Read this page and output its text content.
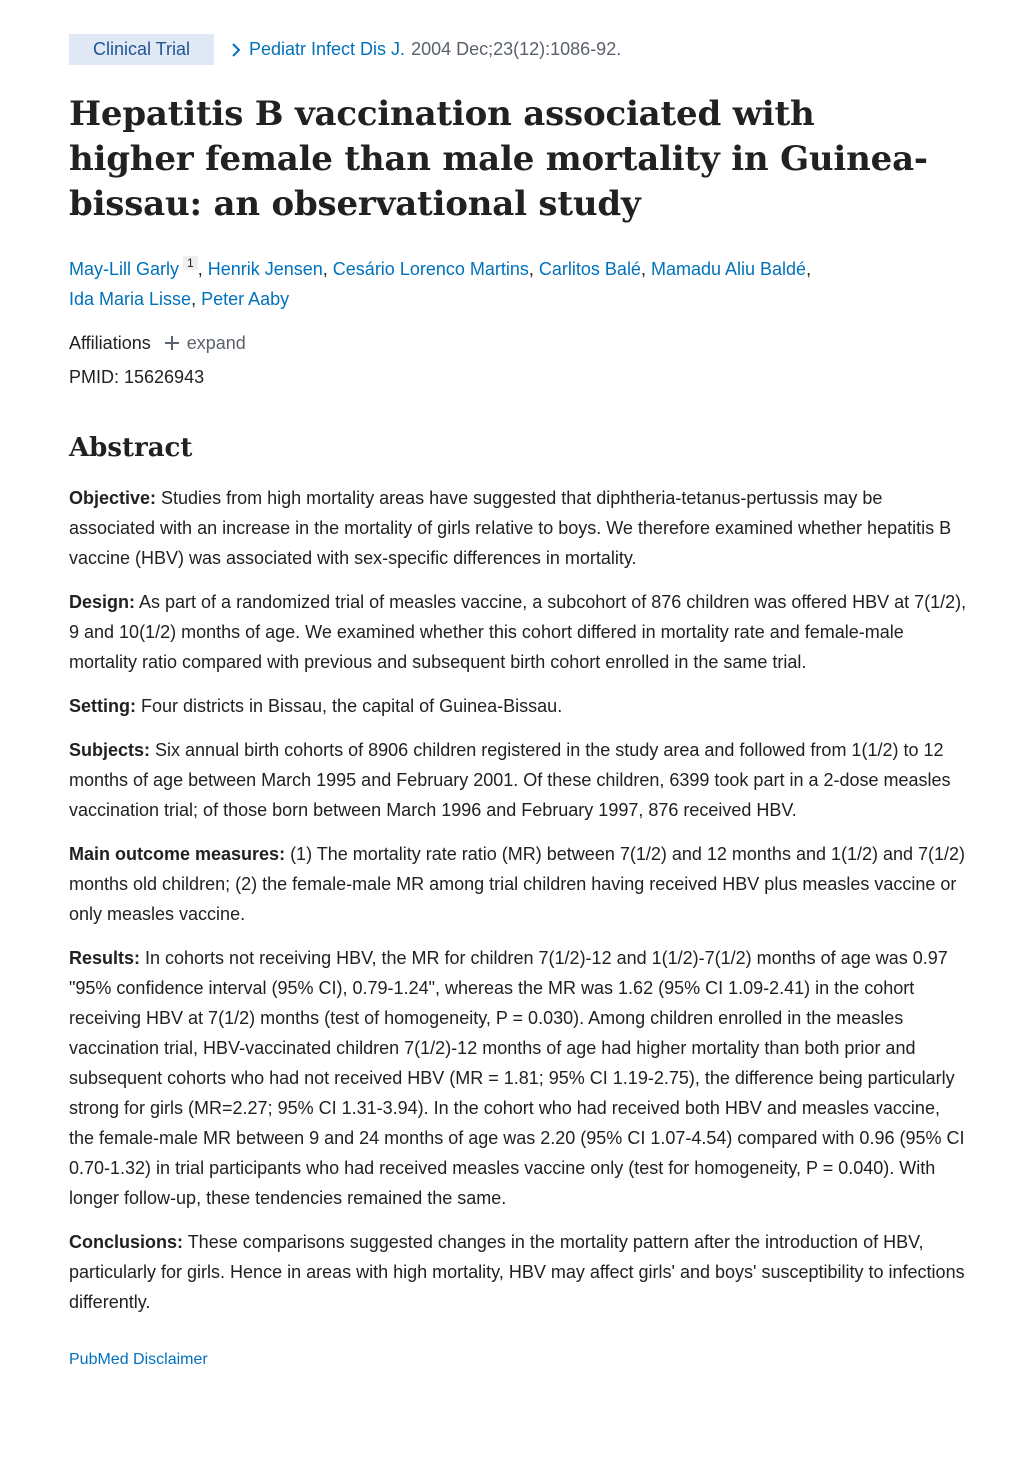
Clinical Trial	Pediatr Infect Dis J. 2004 Dec;23(12):1086-92.
Hepatitis B vaccination associated with higher female than male mortality in Guinea-bissau: an observational study
May-Lill Garly 1 , Henrik Jensen, Cesário Lorenco Martins, Carlitos Balé, Mamadu Aliu Baldé,
Ida Maria Lisse, Peter Aaby
Affiliations expand
PMID: 15626943
Abstract

Objective: Studies from high mortality areas have suggested that diphtheria-tetanus-pertussis may be associated with an increase in the mortality of girls relative to boys. We therefore examined whether hepatitis B vaccine (HBV) was associated with sex-specific differences in mortality.

Design: As part of a randomized trial of measles vaccine, a subcohort of 876 children was offered HBV at 7(1/2), 9 and 10(1/2) months of age. We examined whether this cohort differed in mortality rate and female-male mortality ratio compared with previous and subsequent birth cohort enrolled in the same trial.

Setting: Four districts in Bissau, the capital of Guinea-Bissau.

Subjects: Six annual birth cohorts of 8906 children registered in the study area and followed from 1(1/2) to 12 months of age between March 1995 and February 2001. Of these children, 6399 took part in a 2-dose measles vaccination trial; of those born between March 1996 and February 1997, 876 received HBV.

Main outcome measures: (1) The mortality rate ratio (MR) between 7(1/2) and 12 months and 1(1/2) and 7(1/2) months old children; (2) the female-male MR among trial children having received HBV plus measles vaccine or only measles vaccine.

Results: In cohorts not receiving HBV, the MR for children 7(1/2)-12 and 1(1/2)-7(1/2) months of age was 0.97 "95% confidence interval (95% CI), 0.79-1.24", whereas the MR was 1.62 (95% CI 1.09-2.41) in the cohort receiving HBV at 7(1/2) months (test of homogeneity, P = 0.030). Among children enrolled in the measles vaccination trial, HBV-vaccinated children 7(1/2)-12 months of age had higher mortality than both prior and subsequent cohorts who had not received HBV (MR = 1.81; 95% CI 1.19-2.75), the difference being particularly strong for girls (MR=2.27; 95% CI 1.31-3.94). In the cohort who had received both HBV and measles vaccine, the female-male MR between 9 and 24 months of age was 2.20 (95% CI 1.07-4.54) compared with 0.96 (95% CI 0.70-1.32) in trial participants who had received measles vaccine only (test for homogeneity, P = 0.040). With longer follow-up, these tendencies remained the same.

Conclusions: These comparisons suggested changes in the mortality pattern after the introduction of HBV, particularly for girls. Hence in areas with high mortality, HBV may affect girls' and boys' susceptibility to infections differently.

PubMed Disclaimer
